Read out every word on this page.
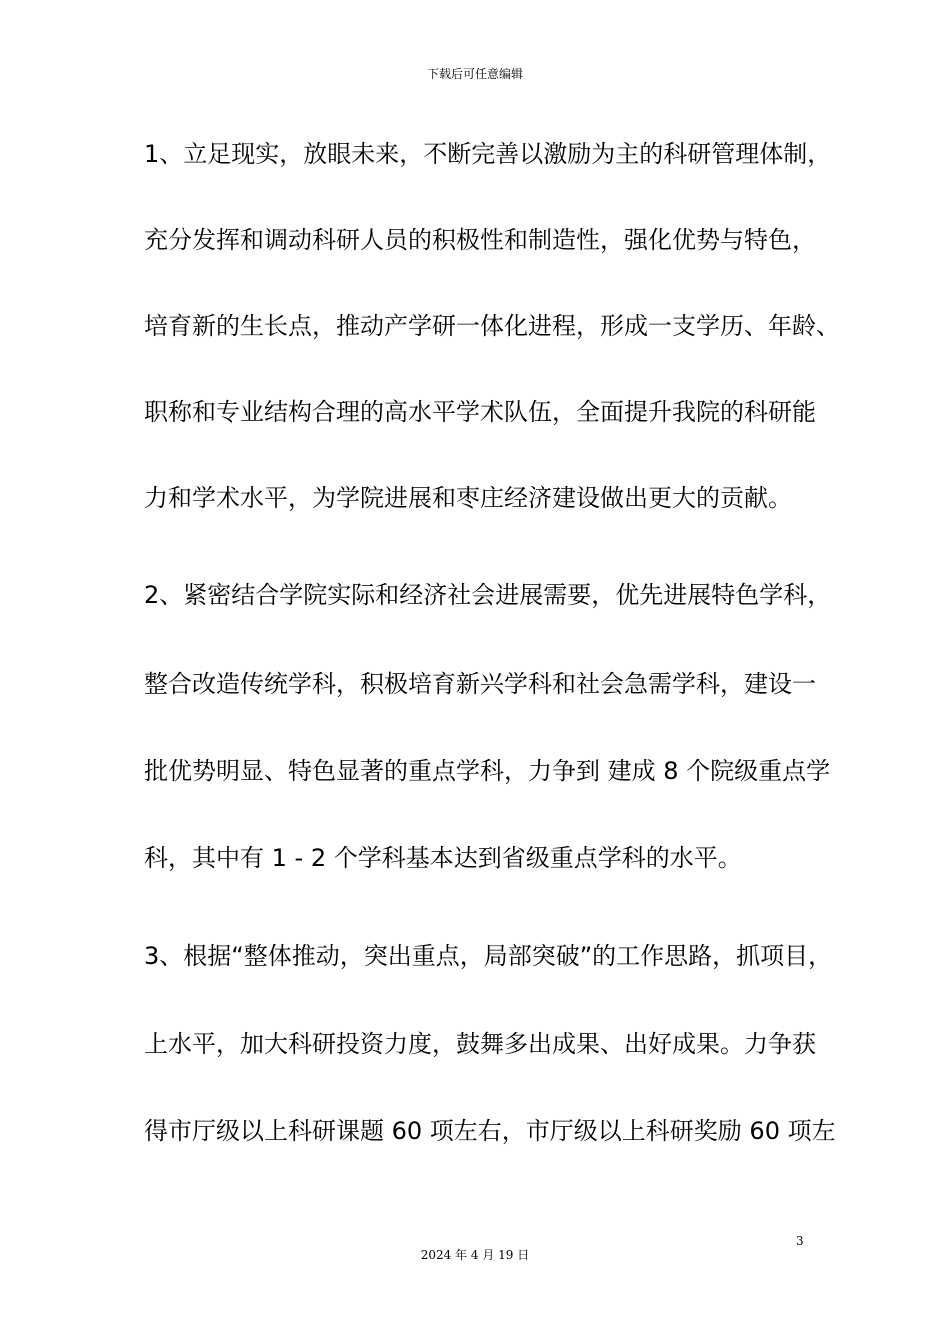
下载后可任意编辑
1、立足现实，放眼未来，不断完善以激励为主的科研管理体制，
充分发挥和调动科研人员的积极性和制造性，强化优势与特色，
培育新的生长点，推动产学研一体化进程，形成一支学历、年龄、
职称和专业结构合理的高水平学术队伍，全面提升我院的科研能
力和学术水平，为学院进展和枣庄经济建设做出更大的贡献。
2、紧密结合学院实际和经济社会进展需要，优先进展特色学科，
整合改造传统学科，积极培育新兴学科和社会急需学科，建设一
批优势明显、特色显著的重点学科，力争到 建成 8 个院级重点学
科，其中有 1 - 2 个学科基本达到省级重点学科的水平。
3、根据“整体推动，突出重点，局部突破”的工作思路，抓项目，
上水平，加大科研投资力度，鼓舞多出成果、出好成果。力争获
得市厅级以上科研课题 60 项左右，市厅级以上科研奖励 60 项左
3
2024 年 4 月 19 日
